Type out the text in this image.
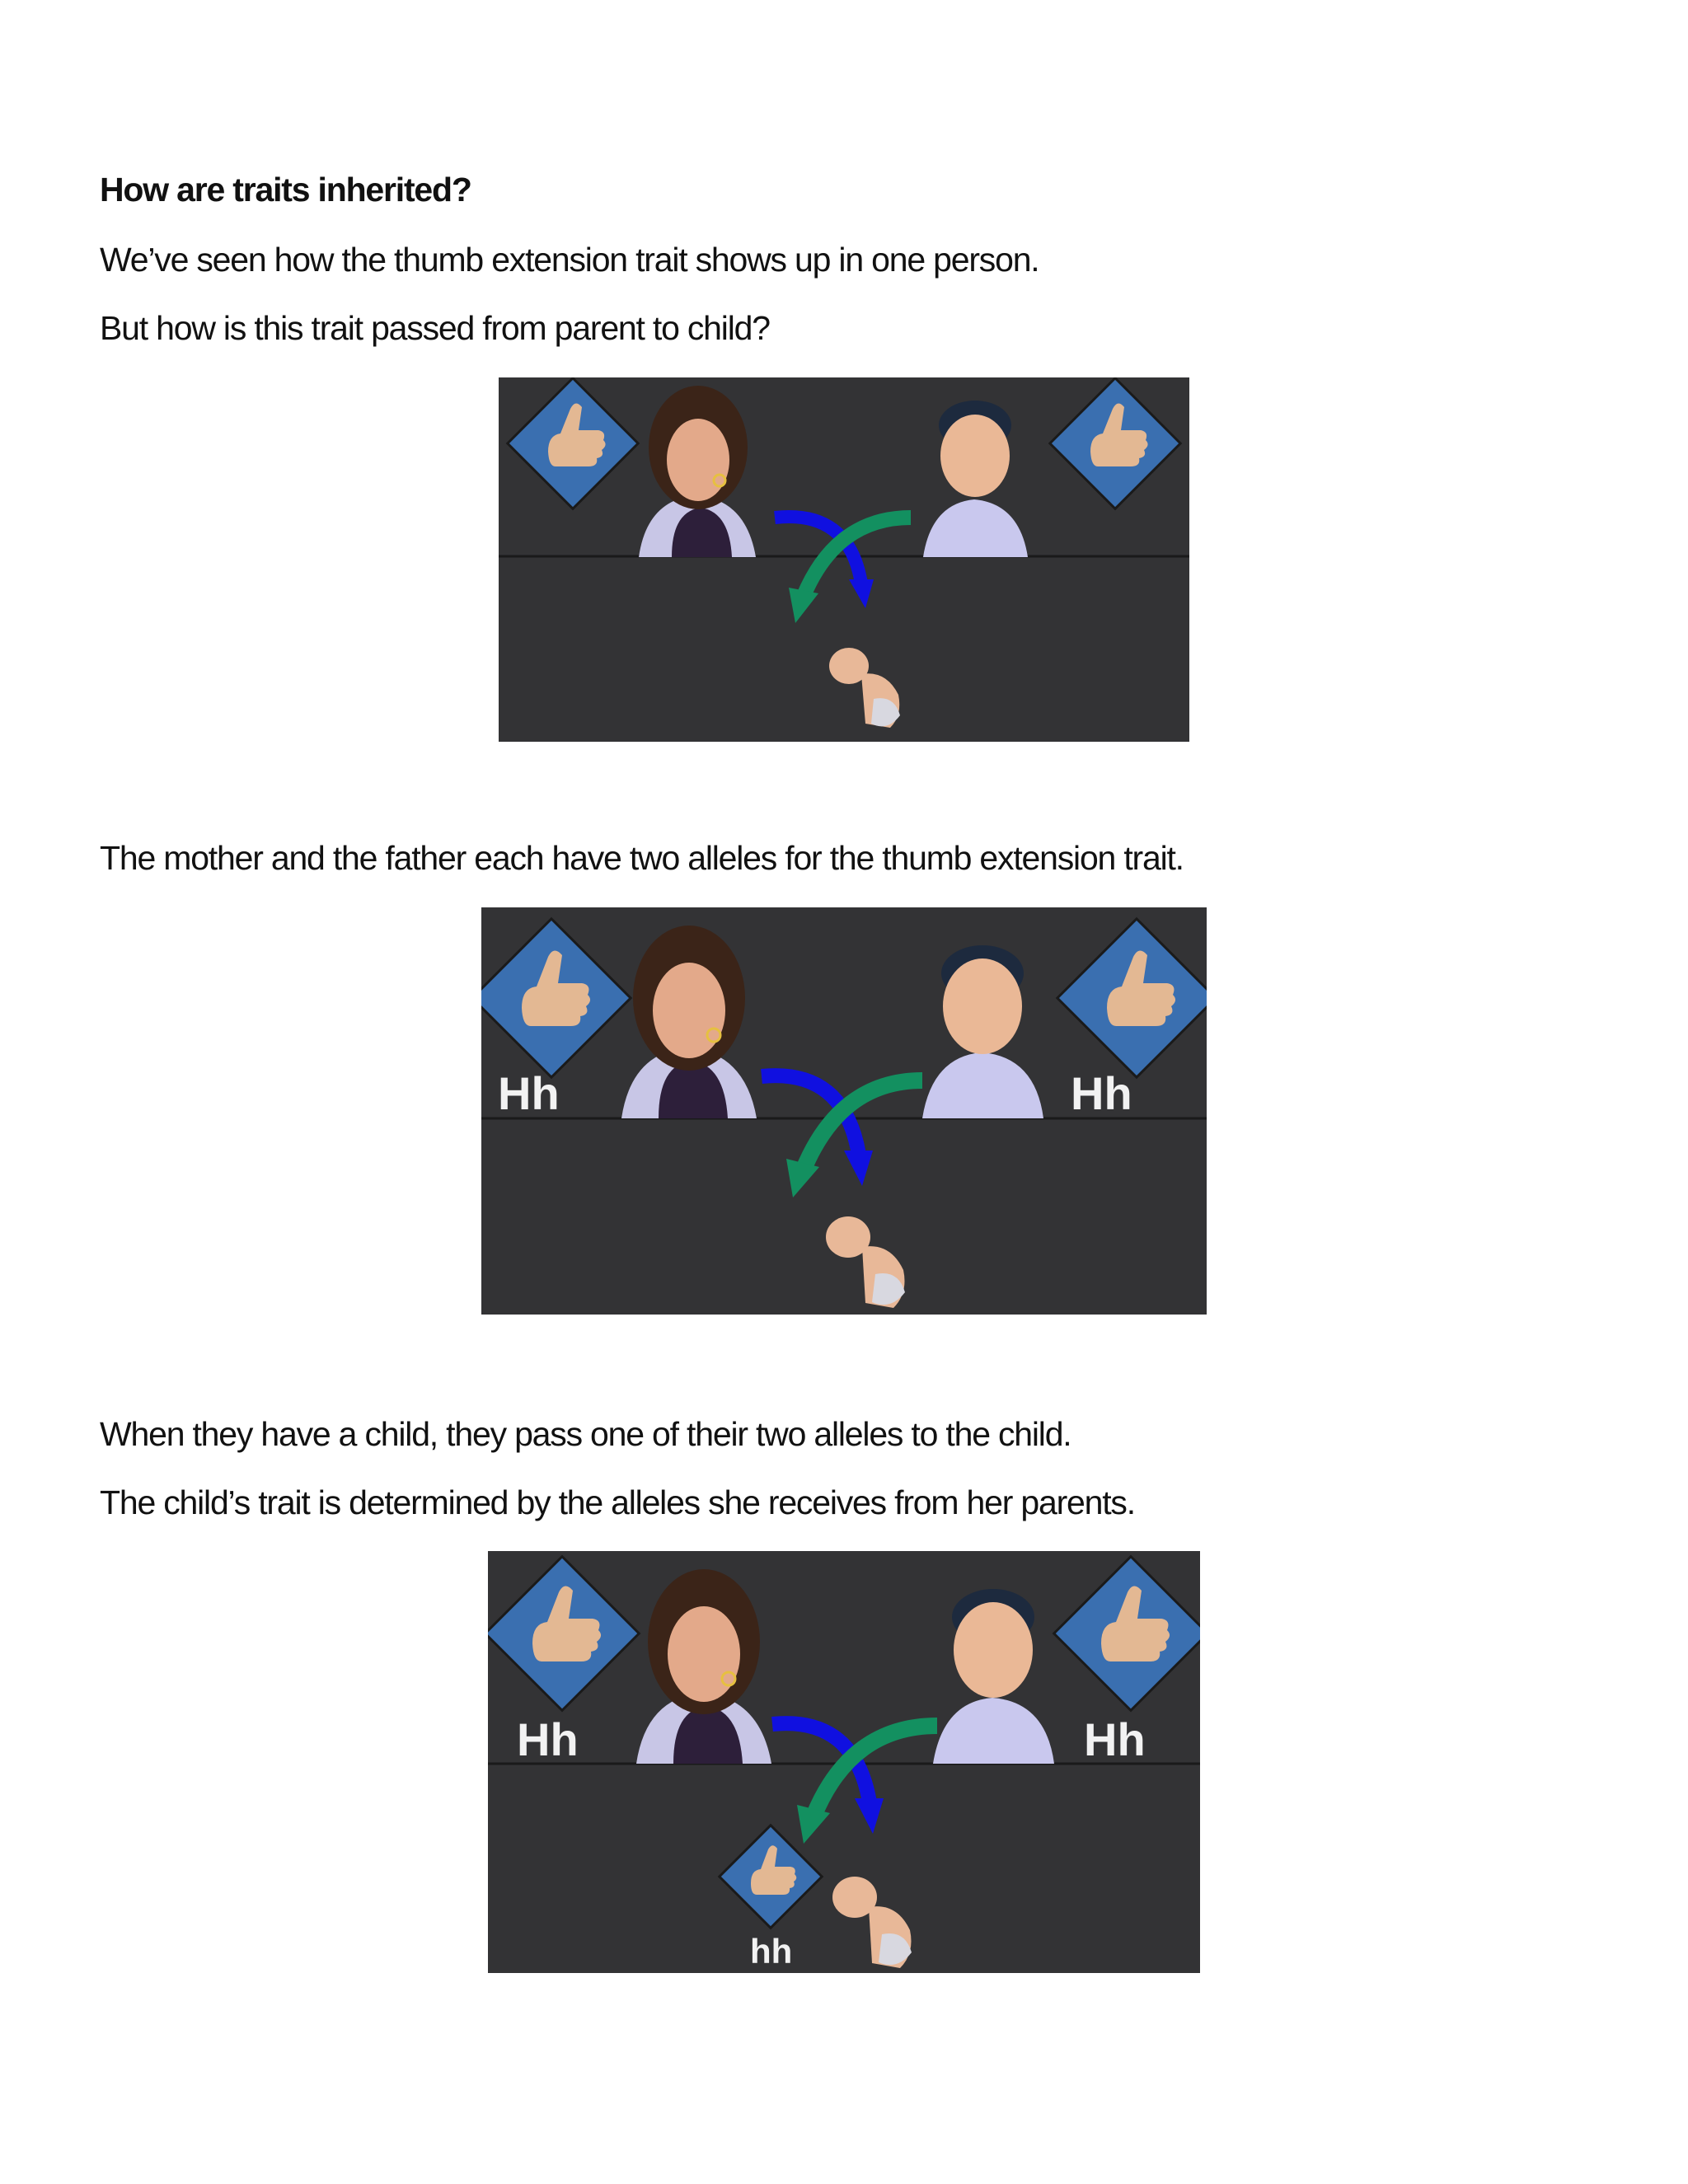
How are traits inherited?
We’ve seen how the thumb extension trait shows up in one person.
But how is this trait passed from parent to child?
The mother and the father each have two alleles for the thumb extension trait.
Hh	Hh
When they have a child, they pass one of their two alleles to the child.
The child’s trait is determined by the alleles she receives from her parents.
Hh	Hh
hh
